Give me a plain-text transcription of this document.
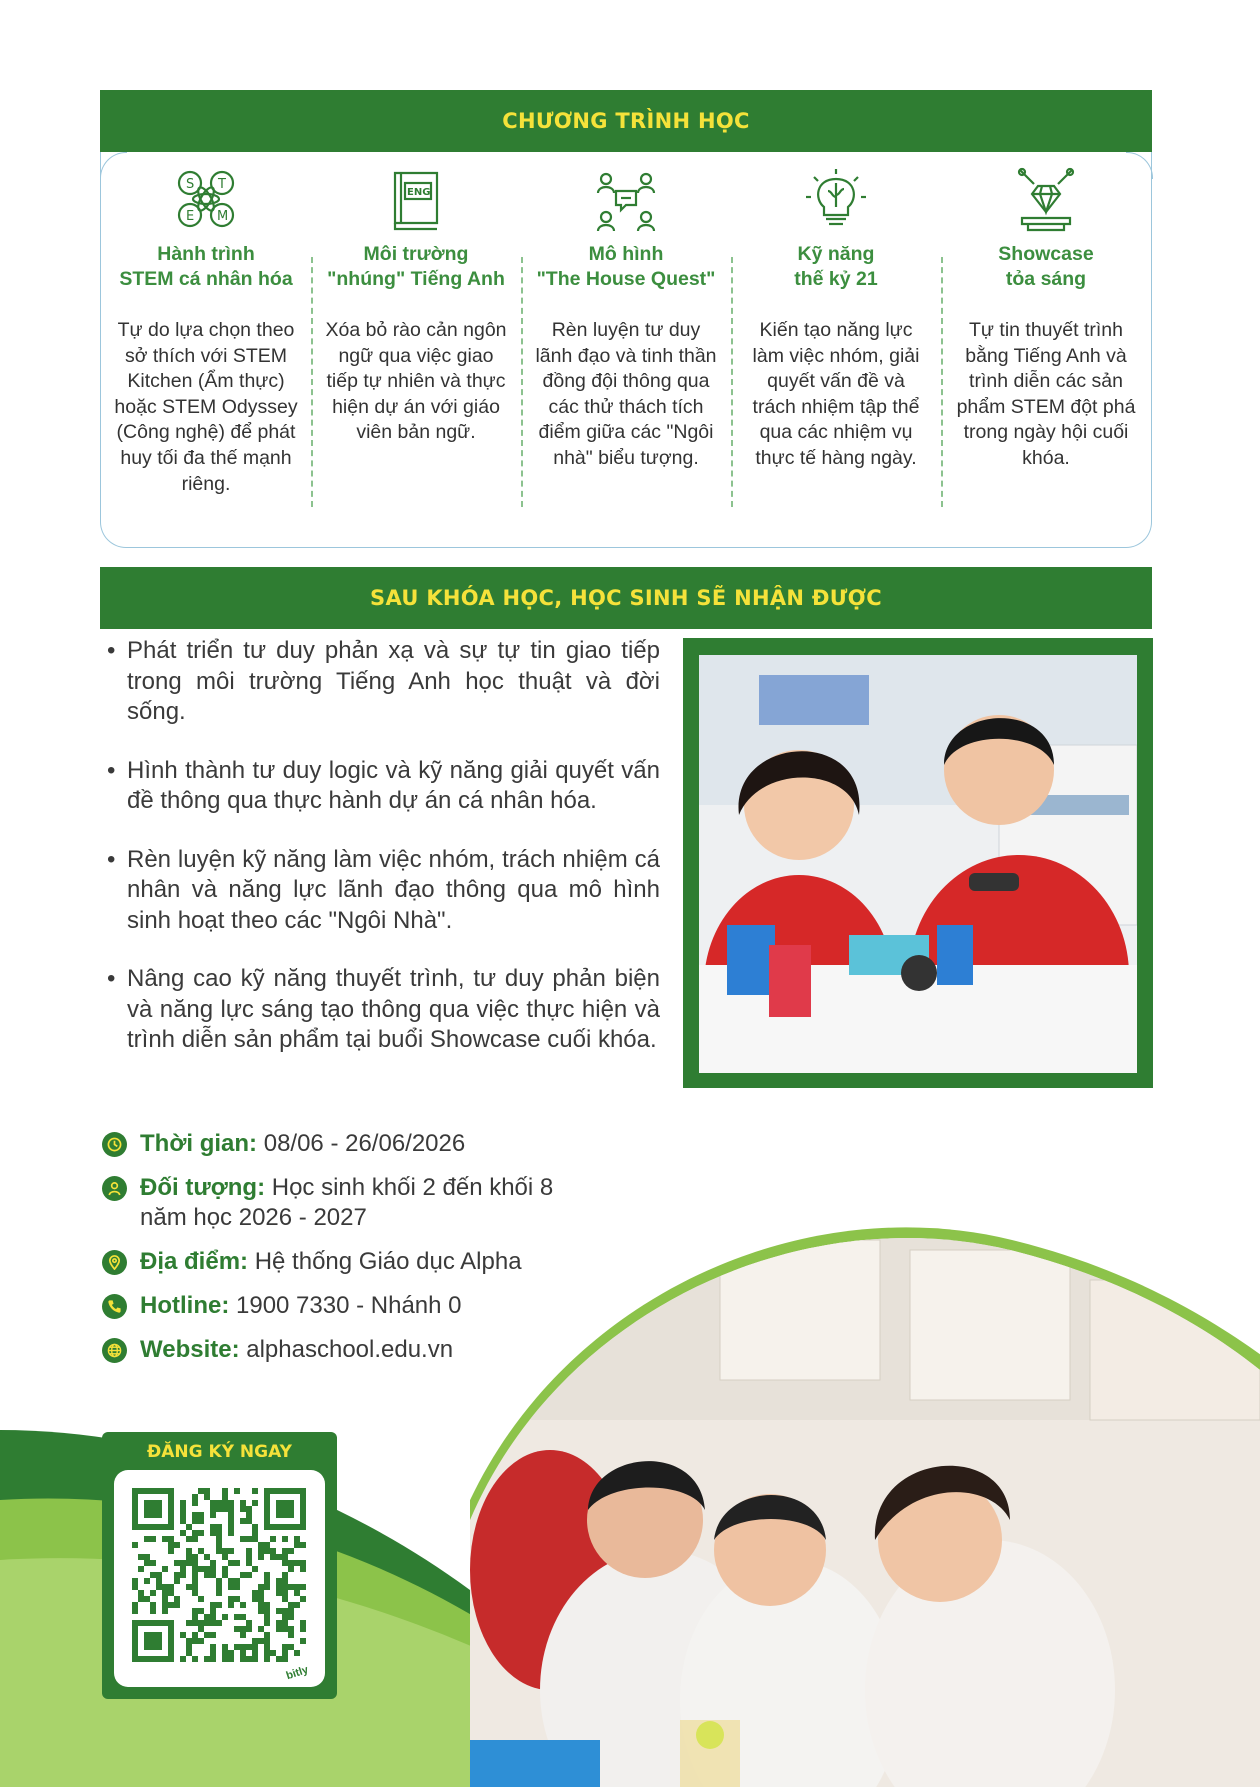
CHƯƠNG TRÌNH HỌC
S T
E M
Hành trình
STEM cá nhân hóa

Tự do lựa chọn theo sở thích với STEM Kitchen (Ẩm thực) hoặc STEM Odyssey (Công nghệ) để phát huy tối đa thế mạnh riêng.

ENG
Môi trường
"nhúng" Tiếng Anh

Xóa bỏ rào cản ngôn ngữ qua việc giao tiếp tự nhiên và thực hiện dự án với giáo viên bản ngữ.

Mô hình
"The House Quest"

Rèn luyện tư duy lãnh đạo và tinh thần đồng đội thông qua các thử thách tích điểm giữa các "Ngôi nhà" biểu tượng.

Kỹ năng
thế kỷ 21

Kiến tạo năng lực làm việc nhóm, giải quyết vấn đề và trách nhiệm tập thể qua các nhiệm vụ thực tế hàng ngày.

Showcase
tỏa sáng

Tự tin thuyết trình bằng Tiếng Anh và trình diễn các sản phẩm STEM đột phá trong ngày hội cuối khóa.

SAU KHÓA HỌC, HỌC SINH SẼ NHẬN ĐƯỢC
• Phát triển tư duy phản xạ và sự tự tin giao tiếp trong môi trường Tiếng Anh học thuật và đời sống.
• Hình thành tư duy logic và kỹ năng giải quyết vấn đề thông qua thực hành dự án cá nhân hóa.
• Rèn luyện kỹ năng làm việc nhóm, trách nhiệm cá nhân và năng lực lãnh đạo thông qua mô hình sinh hoạt theo các "Ngôi Nhà".
• Nâng cao kỹ năng thuyết trình, tư duy phản biện và năng lực sáng tạo thông qua việc thực hiện và trình diễn sản phẩm tại buổi Showcase cuối khóa.
Thời gian: 08/06 - 26/06/2026
Đối tượng: Học sinh khối 2 đến khối 8
năm học 2026 - 2027
Địa điểm: Hệ thống Giáo dục Alpha
Hotline: 1900 7330 - Nhánh 0
Website: alphaschool.edu.vn
ĐĂNG KÝ NGAY
bitly
